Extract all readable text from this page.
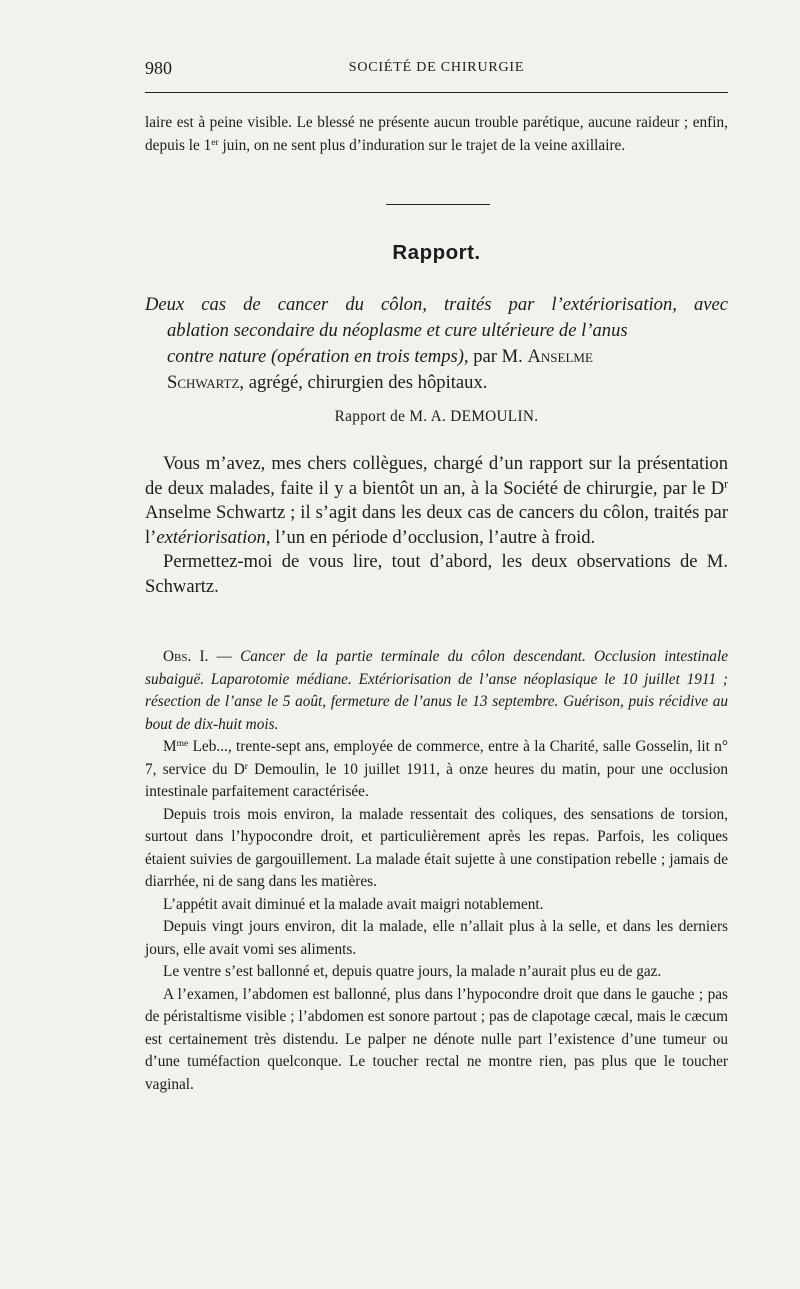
980	SOCIÉTÉ DE CHIRURGIE

laire est à peine visible. Le blessé ne présente aucun trouble parétique, aucune raideur ; enfin, depuis le 1er juin, on ne sent plus d’induration sur le trajet de la veine axillaire.

Rapport.
Deux cas de cancer du côlon, traités par l’extériorisation, avec
ablation secondaire du néoplasme et cure ultérieure de l’anus
contre nature (opération en trois temps), par M. Anselme
Schwartz, agrégé, chirurgien des hôpitaux.
Rapport de M. A. DEMOULIN.

Vous m’avez, mes chers collègues, chargé d’un rapport sur la présentation de deux malades, faite il y a bientôt un an, à la Société de chirurgie, par le $D^r$ Anselme Schwartz ; il s’agit dans les deux cas de cancers du côlon, traités par l’extériorisation, l’un en période d’occlusion, l’autre à froid.

Permettez-moi de vous lire, tout d’abord, les deux observations de M. Schwartz.

Obs. I. — Cancer de la partie terminale du côlon descendant. Occlusion intestinale subaiguë. Laparotomie médiane. Extériorisation de l’anse néoplasique le 10 juillet 1911 ; résection de l’anse le 5 août, fermeture de l’anus le 13 septembre. Guérison, puis récidive au bout de dix-huit mois.

$M^{me}$ Leb..., trente-sept ans, employée de commerce, entre à la Charité, salle Gosselin, lit n° 7, service du $D^r$ Demoulin, le 10 juillet 1911, à onze heures du matin, pour une occlusion intestinale parfaitement caractérisée.

Depuis trois mois environ, la malade ressentait des coliques, des sensations de torsion, surtout dans l’hypocondre droit, et particulièrement après les repas. Parfois, les coliques étaient suivies de gargouillement. La malade était sujette à une constipation rebelle ; jamais de diarrhée, ni de sang dans les matières.

L’appétit avait diminué et la malade avait maigri notablement.

Depuis vingt jours environ, dit la malade, elle n’allait plus à la selle, et dans les derniers jours, elle avait vomi ses aliments.

Le ventre s’est ballonné et, depuis quatre jours, la malade n’aurait plus eu de gaz.

A l’examen, l’abdomen est ballonné, plus dans l’hypocondre droit que dans le gauche ; pas de péristaltisme visible ; l’abdomen est sonore partout ; pas de clapotage cæcal, mais le cæcum est certainement très distendu. Le palper ne dénote nulle part l’existence d’une tumeur ou d’une tuméfaction quelconque. Le toucher rectal ne montre rien, pas plus que le toucher vaginal.
